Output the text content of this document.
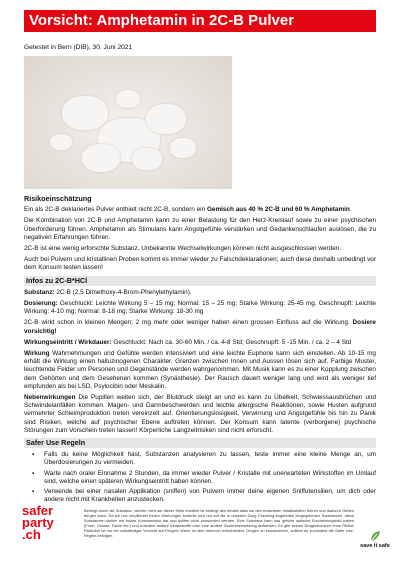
Vorsicht: Amphetamin in 2C-B Pulver
Getestet in Bern (DIB), 30. Juni 2021
Risikoeinschätzung
Ein als 2C-B deklariertes Pulver enthielt nicht 2C-B, sondern ein Gemisch aus 40 % 2C-B und 60 % Amphetamin.
Die Kombination von 2C-B und Amphetamin kann zu einer Belastung für den Herz-Kreislauf sowie zu einer psychischen Überforderung führen. Amphetamin als Stimulans kann Angstgefühle verstärken und Gedankenschlaufen auslösen, die zu negativen Erfahrungen führen.
2C-B ist eine wenig erforschte Substanz. Unbekannte Wechselwirkungen können nicht ausgeschlossen werden.
Auch bei Pulvern und kristallinen Proben kommt es immer wieder zu Falschdeklarationen; auch diese deshalb unbedingt vor dem Konsum testen lassen!
Infos zu 2C-B*HCl
Substanz: 2C-B (2,5 Dimethoxy-4-Brom-Phenylethylamin).
Dosierung: Geschluckt: Leichte Wirkung 5 – 15 mg; Normal: 15 – 25 mg; Starke Wirkung: 25-45 mg. Geschnupft: Leichte Wirkung: 4-10 mg; Normal: 8-18 mg; Starke Wirkung: 18-30 mg
2C-B wirkt schon in kleinen Mengen; 2 mg mehr oder weniger haben einen grossen Einfluss auf die Wirkung. Dosiere vorsichtig!
Wirkungseintritt / Wirkdauer: Geschluckt: Nach ca. 30-60 Min. / ca. 4-8 Std; Geschnupft: 5 -15 Min. / ca. 2 – 4 Std
Wirkung Wahrnehmungen und Gefühle werden intensiviert und eine leichte Euphorie kann sich einstellen. Ab 10-15 mg erhält die Wirkung einen halluzinogenen Charakter. Grenzen zwischen Innen und Aussen lösen sich auf. Farbige Muster, leuchtende Felder um Personen und Gegenstände werden wahrgenommen. Mit Musik kann es zu einer Kopplung zwischen dem Gehörten und dem Gesehenen kommen (Synästhesie). Der Rausch dauert weniger lang und wird als weniger tief empfunden als bei LSD, Psylocibin oder Meskalin.
Nebenwirkungen Die Pupillen weiten sich, der Blutdruck steigt an und es kann zu Übelkeit, Schweissausbrüchen und Schwindelanfällen kommen. Magen- und Darmbeschwerden und leichte allergische Reaktionen, sowie Husten aufgrund vermehrter Schleimproduktion treten vereinzelt auf. Orientierungslosigkeit, Verwirrung und Angstgefühle bis hin zu Panik sind Risiken, welche auf psychischer Ebene auftreten können. Der Konsum kann latente (verborgene) psychische Störungen zum Vorschein treten lassen! Körperliche Langzeitrisiken sind nicht erforscht.
Safer Use Regeln
▪ Falls du keine Möglichkeit hast, Substanzen analysieren zu lassen, teste immer eine kleine Menge an, um Überdosierungen zu vermeiden.
▪ Warte nach oraler Einnahme 2 Stunden, da immer wieder Pulver / Kristalle mit unerwarteten Wirkstoffen im Umlauf sind, welche einen späteren Wirkungseintritt haben können.
▪ Verwende bei einer nasalen Applikation (sniffen) von Pulvern immer deine eigenen Sniffutensilien, um dich oder andere nicht mit Krankheiten anzustecken.
safer
party
.ch
Bedingt durch die Substanz, welche nicht auf dieser Seite erwähnt ist bedingt des Inhalts dass sie den erwarteten Inhaltsstoffen führen und dadurch Gefahr bergen kann. Da wir uns verpflichtet fühlen Warnungen bedenkt sich nur auf die in unserem Drug Checking Angeboten eingegebenen Substanzen, diese Substanzen stellen ein hohes Konsumrisiko dar und sollten nicht konsumiert werden. Eine Substanz kann das gleiche optische Erscheinungsbild haben (Form, Grösse, Farbe etc.) und trotzdem andere Inhaltsstoffe oder eine andere Zusammensetzung aufweisen. Es gibt keinen Drogenkonsum ohne Risiko! Risikofrei ist nur ein vollständiger Verzicht auf Drogen! Wenn du dich dennoch entscheidest, Drogen zu konsumieren, solltest du zumindest die Safer Use-Regeln befolgen.
save it safe
